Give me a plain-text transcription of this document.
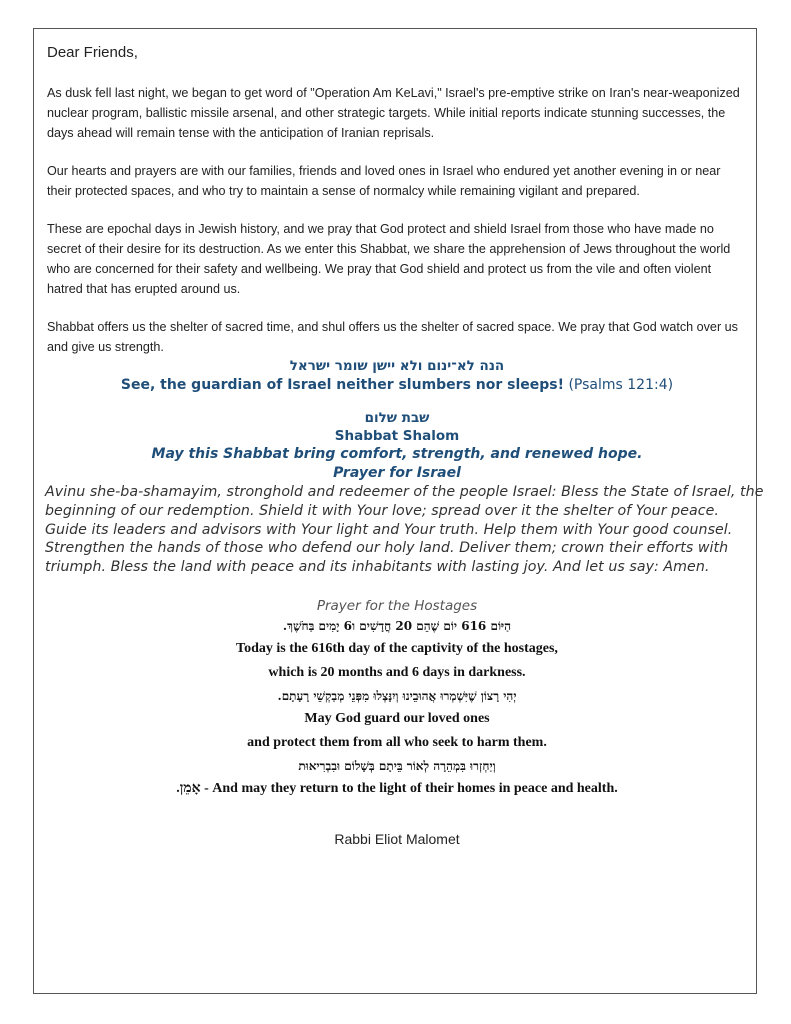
Dear Friends,

As dusk fell last night, we began to get word of "Operation Am KeLavi," Israel's pre-emptive strike on Iran's near-weaponized nuclear program, ballistic missile arsenal, and other strategic targets. While initial reports indicate stunning successes, the days ahead will remain tense with the anticipation of Iranian reprisals.

Our hearts and prayers are with our families, friends and loved ones in Israel who endured yet another evening in or near their protected spaces, and who try to maintain a sense of normalcy while remaining vigilant and prepared.

These are epochal days in Jewish history, and we pray that God protect and shield Israel from those who have made no secret of their desire for its destruction. As we enter this Shabbat, we share the apprehension of Jews throughout the world who are concerned for their safety and wellbeing. We pray that God shield and protect us from the vile and often violent hatred that has erupted around us.

Shabbat offers us the shelter of sacred time, and shul offers us the shelter of sacred space. We pray that God watch over us and give us strength.

הנה לא־ינום ולא יישן שומר ישראל
See, the guardian of Israel neither slumbers nor sleeps! (Psalms 121:4)
שבת שלום
Shabbat Shalom
May this Shabbat bring comfort, strength, and renewed hope.
Prayer for Israel
Avinu she-ba-shamayim, stronghold and redeemer of the people Israel: Bless the State of Israel, the beginning of our redemption. Shield it with Your love; spread over it the shelter of Your peace. Guide its leaders and advisors with Your light and Your truth. Help them with Your good counsel. Strengthen the hands of those who defend our holy land. Deliver them; crown their efforts with triumph. Bless the land with peace and its inhabitants with lasting joy. And let us say: Amen.
Prayer for the Hostages
הַיּוֹם 616 יוֹם שֶׁהֵם 20 חֳדָשִׁים ו6 יָמִים בַּחֹשֶׁךְ.
Today is the 616th day of the captivity of the hostages,
which is 20 months and 6 days in darkness.
יְהִי רָצוֹן שֶׁיִּשְׁמְרוּ אֲהוּבֵינוּ וְיִנָּצְלוּ מִפְּנֵי מְבַקְשֵׁי רָעָתָם.
May God guard our loved ones
and protect them from all who seek to harm them.
וְיַחְזְרוּ בִּמְהֵרָה לְאוֹר בֵּיתָם בְּשָׁלוֹם וּבִבְרִיאוּת
אָמֵן. - And may they return to the light of their homes in peace and health.
Rabbi Eliot Malomet
